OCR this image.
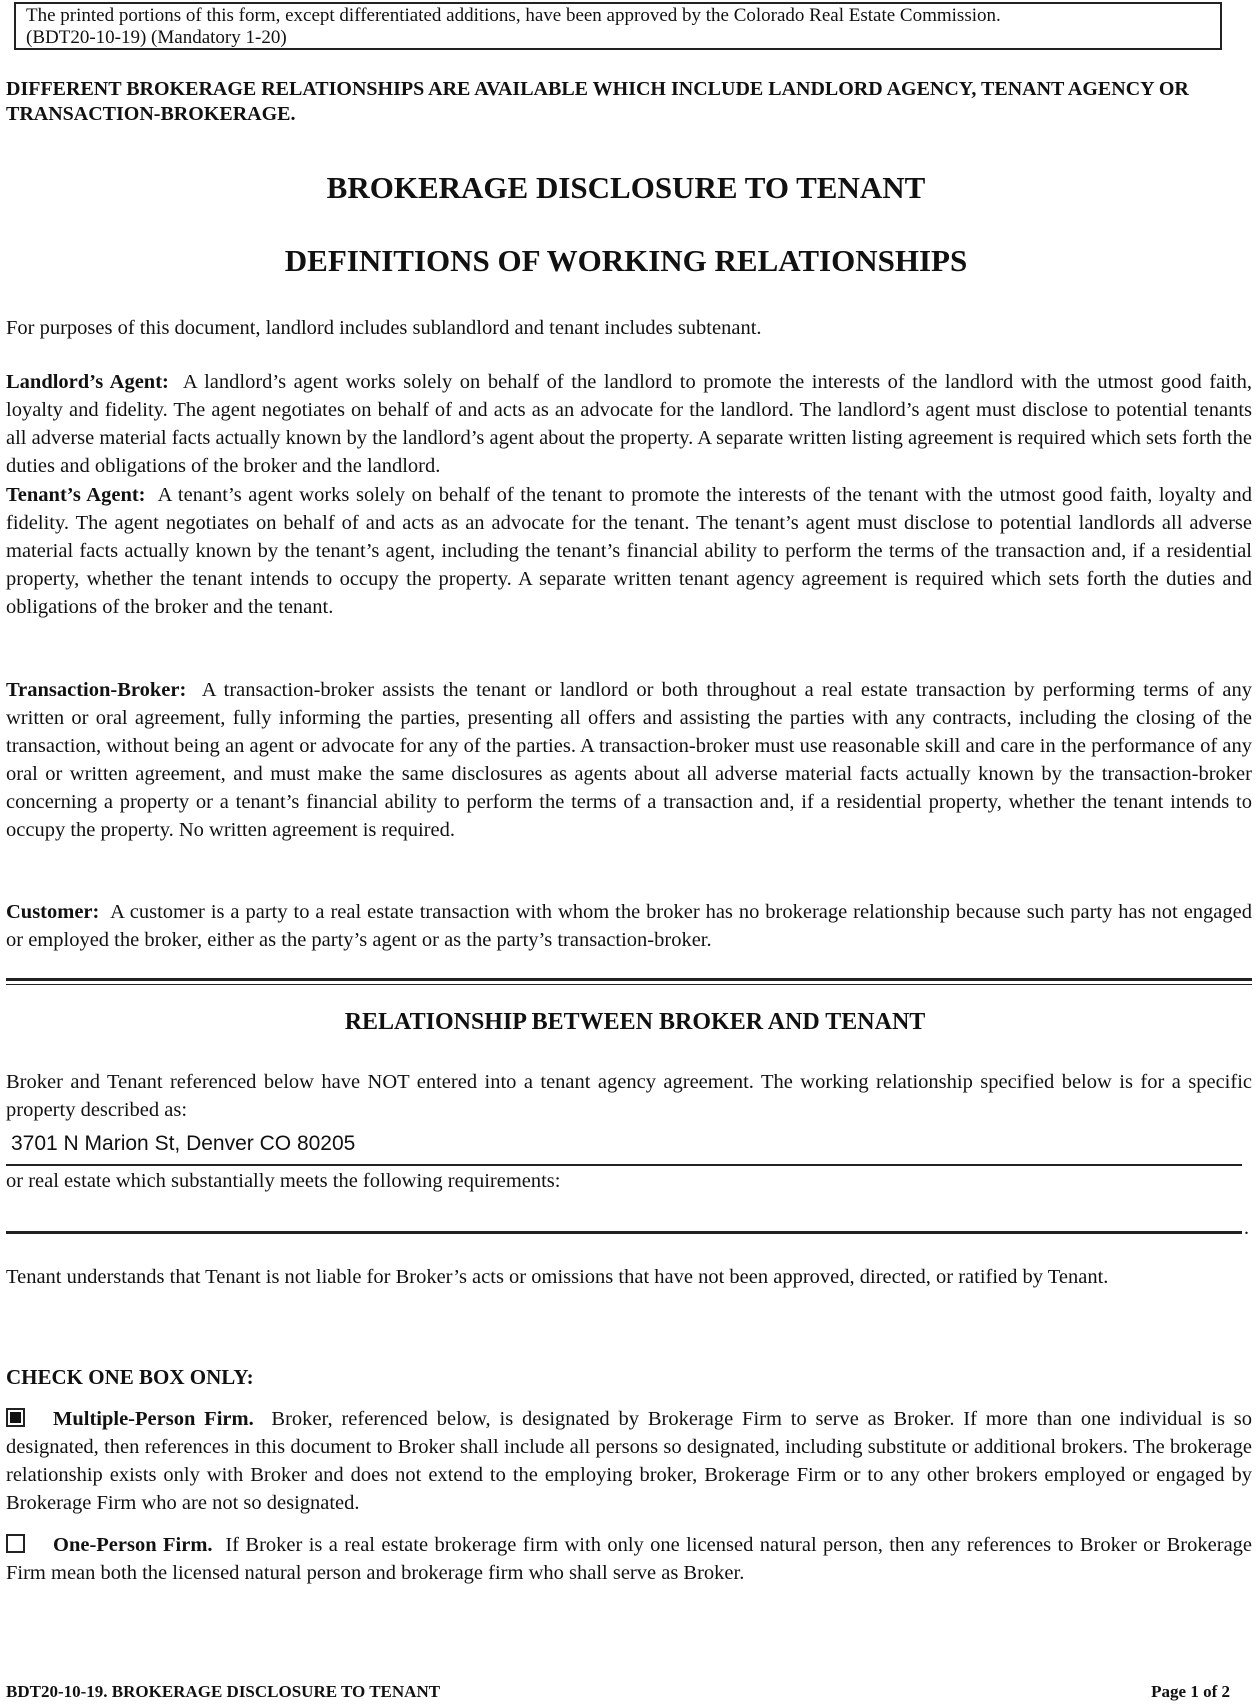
The printed portions of this form, except differentiated additions, have been approved by the Colorado Real Estate Commission.
(BDT20-10-19) (Mandatory 1-20)
DIFFERENT BROKERAGE RELATIONSHIPS ARE AVAILABLE WHICH INCLUDE LANDLORD AGENCY, TENANT AGENCY OR TRANSACTION-BROKERAGE.
BROKERAGE DISCLOSURE TO TENANT
DEFINITIONS OF WORKING RELATIONSHIPS
For purposes of this document, landlord includes sublandlord and tenant includes subtenant.
Landlord’s Agent: A landlord’s agent works solely on behalf of the landlord to promote the interests of the landlord with the utmost good faith, loyalty and fidelity. The agent negotiates on behalf of and acts as an advocate for the landlord. The landlord’s agent must disclose to potential tenants all adverse material facts actually known by the landlord’s agent about the property. A separate written listing agreement is required which sets forth the duties and obligations of the broker and the landlord.
Tenant’s Agent: A tenant’s agent works solely on behalf of the tenant to promote the interests of the tenant with the utmost good faith, loyalty and fidelity. The agent negotiates on behalf of and acts as an advocate for the tenant. The tenant’s agent must disclose to potential landlords all adverse material facts actually known by the tenant’s agent, including the tenant’s financial ability to perform the terms of the transaction and, if a residential property, whether the tenant intends to occupy the property. A separate written tenant agency agreement is required which sets forth the duties and obligations of the broker and the tenant.
Transaction-Broker: A transaction-broker assists the tenant or landlord or both throughout a real estate transaction by performing terms of any written or oral agreement, fully informing the parties, presenting all offers and assisting the parties with any contracts, including the closing of the transaction, without being an agent or advocate for any of the parties. A transaction-broker must use reasonable skill and care in the performance of any oral or written agreement, and must make the same disclosures as agents about all adverse material facts actually known by the transaction-broker concerning a property or a tenant’s financial ability to perform the terms of a transaction and, if a residential property, whether the tenant intends to occupy the property. No written agreement is required.
Customer: A customer is a party to a real estate transaction with whom the broker has no brokerage relationship because such party has not engaged or employed the broker, either as the party’s agent or as the party’s transaction-broker.
RELATIONSHIP BETWEEN BROKER AND TENANT
Broker and Tenant referenced below have NOT entered into a tenant agency agreement. The working relationship specified below is for a specific property described as:
3701 N Marion St, Denver CO 80205
or real estate which substantially meets the following requirements:
.
Tenant understands that Tenant is not liable for Broker’s acts or omissions that have not been approved, directed, or ratified by Tenant.
CHECK ONE BOX ONLY:
Multiple-Person Firm. Broker, referenced below, is designated by Brokerage Firm to serve as Broker. If more than one individual is so designated, then references in this document to Broker shall include all persons so designated, including substitute or additional brokers. The brokerage relationship exists only with Broker and does not extend to the employing broker, Brokerage Firm or to any other brokers employed or engaged by Brokerage Firm who are not so designated.
One-Person Firm. If Broker is a real estate brokerage firm with only one licensed natural person, then any references to Broker or Brokerage Firm mean both the licensed natural person and brokerage firm who shall serve as Broker.
BDT20-10-19. BROKERAGE DISCLOSURE TO TENANT	Page 1 of 2
